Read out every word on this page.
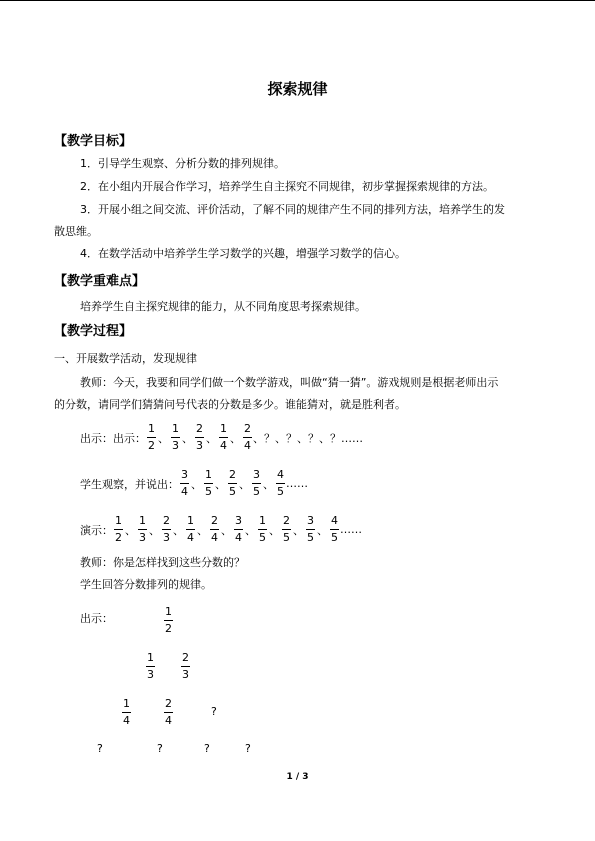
探索规律
【教学目标】
1．引导学生观察、分析分数的排列规律。
2．在小组内开展合作学习，培养学生自主探究不同规律，初步掌握探索规律的方法。
3．开展小组之间交流、评价活动，了解不同的规律产生不同的排列方法，培养学生的发
散思维。
4．在数学活动中培养学生学习数学的兴趣，增强学习数学的信心。
【教学重难点】
培养学生自主探究规律的能力，从不同角度思考探索规律。
【教学过程】
一、开展数学活动，发现规律
教师：今天，我要和同学们做一个数学游戏，叫做“猜一猜”。游戏规则是根据老师出示
的分数，请同学们猜猜问号代表的分数是多少。谁能猜对，就是胜利者。
出示：出示： $\frac{1}{2}$ 、 $\frac{1}{3}$ 、 $\frac{2}{3}$ 、 $\frac{1}{4}$ 、 $\frac{2}{4}$ 、？、？、？、？……
学生观察，并说出： $\frac{3}{4}$ 、 $\frac{1}{5}$ 、 $\frac{2}{5}$ 、 $\frac{3}{5}$ 、 $\frac{4}{5}$ ……
演示： $\frac{1}{2}$ 、 $\frac{1}{3}$ 、 $\frac{2}{3}$ 、 $\frac{1}{4}$ 、 $\frac{2}{4}$ 、 $\frac{3}{4}$ 、 $\frac{1}{5}$ 、 $\frac{2}{5}$ 、 $\frac{3}{5}$ 、 $\frac{4}{5}$ ……
教师：你是怎样找到这些分数的？
学生回答分数排列的规律。
出示：	$\frac{1}{2}$
$\frac{1}{3} \frac{2}{3}$
$\frac{1}{4}$	$\frac{2}{4}$	?
?	?	?	?
1 / 3
